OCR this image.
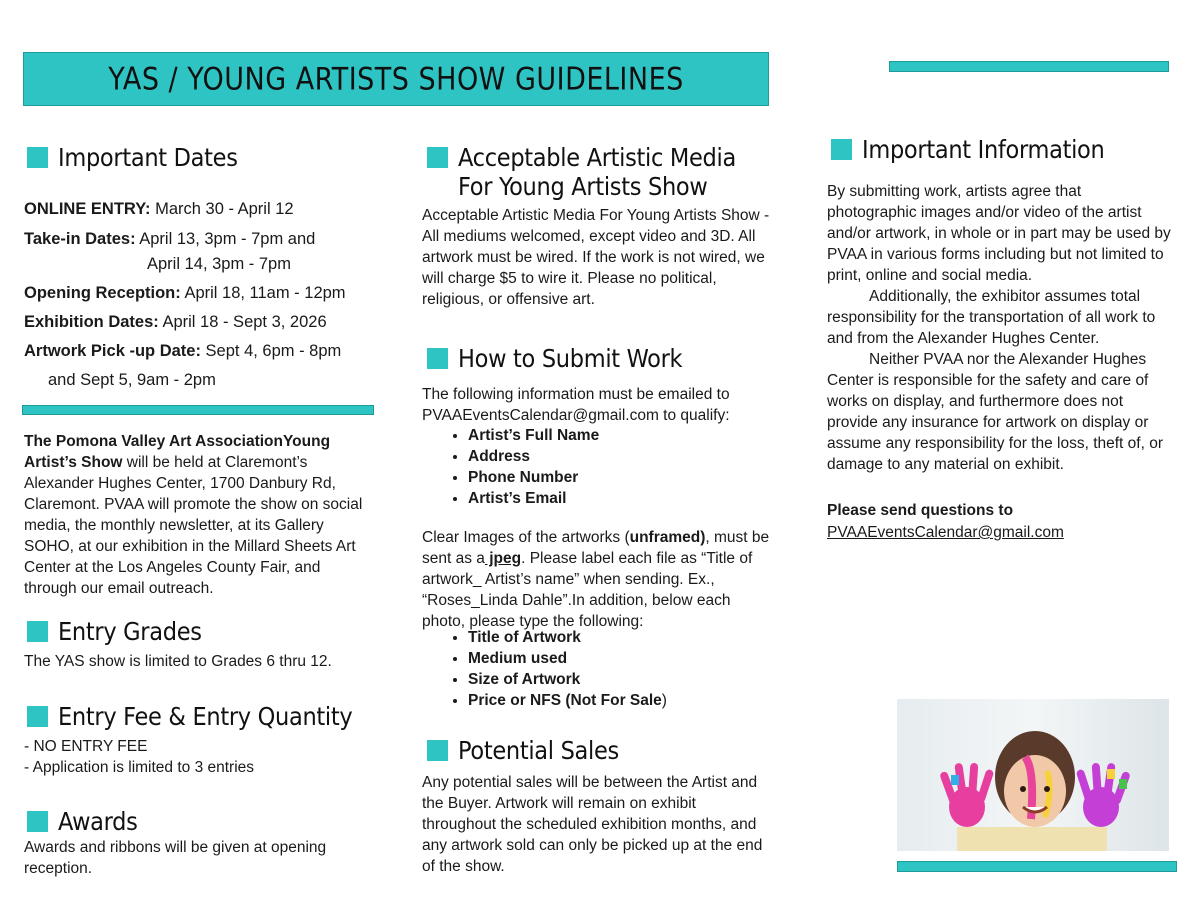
YAS / YOUNG ARTISTS SHOW GUIDELINES
Important Dates
ONLINE ENTRY: March 30 - April 12
Take-in Dates: April 13, 3pm - 7pm and
April 14, 3pm - 7pm
Opening Reception: April 18, 11am - 12pm
Exhibition Dates: April 18 - Sept 3, 2026
Artwork Pick -up Date: Sept 4, 6pm - 8pm
and Sept 5, 9am - 2pm
The Pomona Valley Art AssociationYoung Artist’s Show will be held at Claremont’s Alexander Hughes Center, 1700 Danbury Rd, Claremont. PVAA will promote the show on social media, the monthly newsletter, at its Gallery SOHO, at our exhibition in the Millard Sheets Art Center at the Los Angeles County Fair, and through our email outreach.
Entry Grades
The YAS show is limited to Grades 6 thru 12.
Entry Fee & Entry Quantity
- NO ENTRY FEE
- Application is limited to 3 entries
Awards
Awards and ribbons will be given at opening reception.
Acceptable Artistic Media
For Young Artists Show
Acceptable Artistic Media For Young Artists Show - All mediums welcomed, except video and 3D. All artwork must be wired. If the work is not wired, we will charge $5 to wire it. Please no political, religious, or offensive art.
How to Submit Work
The following information must be emailed to PVAAEventsCalendar@gmail.com to qualify:
• Artist’s Full Name
• Address
• Phone Number
• Artist’s Email
Clear Images of the artworks (unframed), must be sent as a jpeg. Please label each file as “Title of artwork_ Artist’s name” when sending. Ex., “Roses_Linda Dahle”.In addition, below each photo, please type the following:
• Title of Artwork
• Medium used
• Size of Artwork
• Price or NFS (Not For Sale)
Potential Sales
Any potential sales will be between the Artist and the Buyer. Artwork will remain on exhibit throughout the scheduled exhibition months, and any artwork sold can only be picked up at the end of the show.
Important Information
By submitting work, artists agree that photographic images and/or video of the artist and/or artwork, in whole or in part may be used by PVAA in various forms including but not limited to print, online and social media.
Additionally, the exhibitor assumes total responsibility for the transportation of all work to and from the Alexander Hughes Center.
Neither PVAA nor the Alexander Hughes Center is responsible for the safety and care of works on display, and furthermore does not provide any insurance for artwork on display or assume any responsibility for the loss, theft of, or damage to any material on exhibit.
Please send questions to
PVAAEventsCalendar@gmail.com
